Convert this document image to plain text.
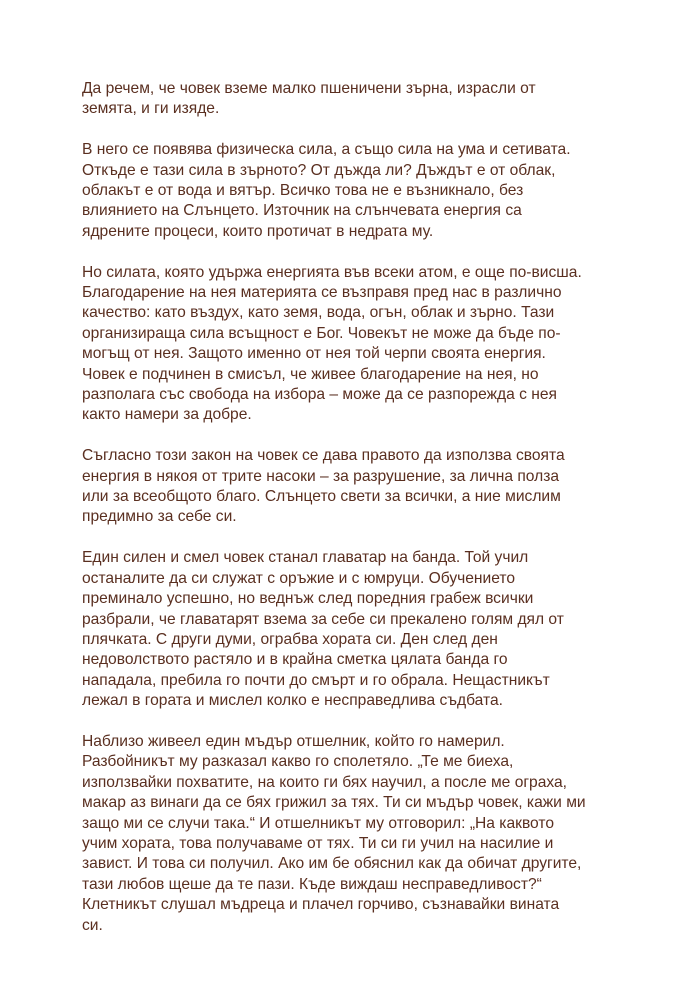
Да речем, че човек вземе малко пшеничени зърна, израсли от
земята, и ги изяде.

В него се появява физическа сила, а също сила на ума и сетивата.
Откъде е тази сила в зърното? От дъжда ли? Дъждът е от облак,
облакът е от вода и вятър. Всичко това не е възникнало, без
влиянието на Слънцето. Източник на слънчевата енергия са
ядрените процеси, които протичат в недрата му.

Но силата, която удържа енергията във всеки атом, е още по-висша.
Благодарение на нея материята се възправя пред нас в различно
качество: като въздух, като земя, вода, огън, облак и зърно. Тази
организираща сила всъщност е Бог. Човекът не може да бъде по-
могъщ от нея. Защото именно от нея той черпи своята енергия.
Човек е подчинен в смисъл, че живее благодарение на нея, но
разполага със свобода на избора – може да се разпорежда с нея
както намери за добре.

Съгласно този закон на човек се дава правото да използва своята
енергия в някоя от трите насоки – за разрушение, за лична полза
или за всеобщото благо. Слънцето свети за всички, а ние мислим
предимно за себе си.

Един силен и смел човек станал главатар на банда. Той учил
останалите да си служат с оръжие и с юмруци. Обучението
преминало успешно, но веднъж след поредния грабеж всички
разбрали, че главатарят взема за себе си прекалено голям дял от
плячката. С други думи, ограбва хората си. Ден след ден
недоволството растяло и в крайна сметка цялата банда го
нападала, пребила го почти до смърт и го обрала. Нещастникът
лежал в гората и мислел колко е несправедлива съдбата.

Наблизо живеел един мъдър отшелник, който го намерил.
Разбойникът му разказал какво го сполетяло. „Те ме биеха,
използвайки похватите, на които ги бях научил, а после ме ограха,
макар аз винаги да се бях грижил за тях. Ти си мъдър човек, кажи ми
защо ми се случи така.“ И отшелникът му отговорил: „На каквото
учим хората, това получаваме от тях. Ти си ги учил на насилие и
завист. И това си получил. Ако им бе обяснил как да обичат другите,
тази любов щеше да те пази. Къде виждаш несправедливост?“
Клетникът слушал мъдреца и плачел горчиво, съзнавайки вината
си.
